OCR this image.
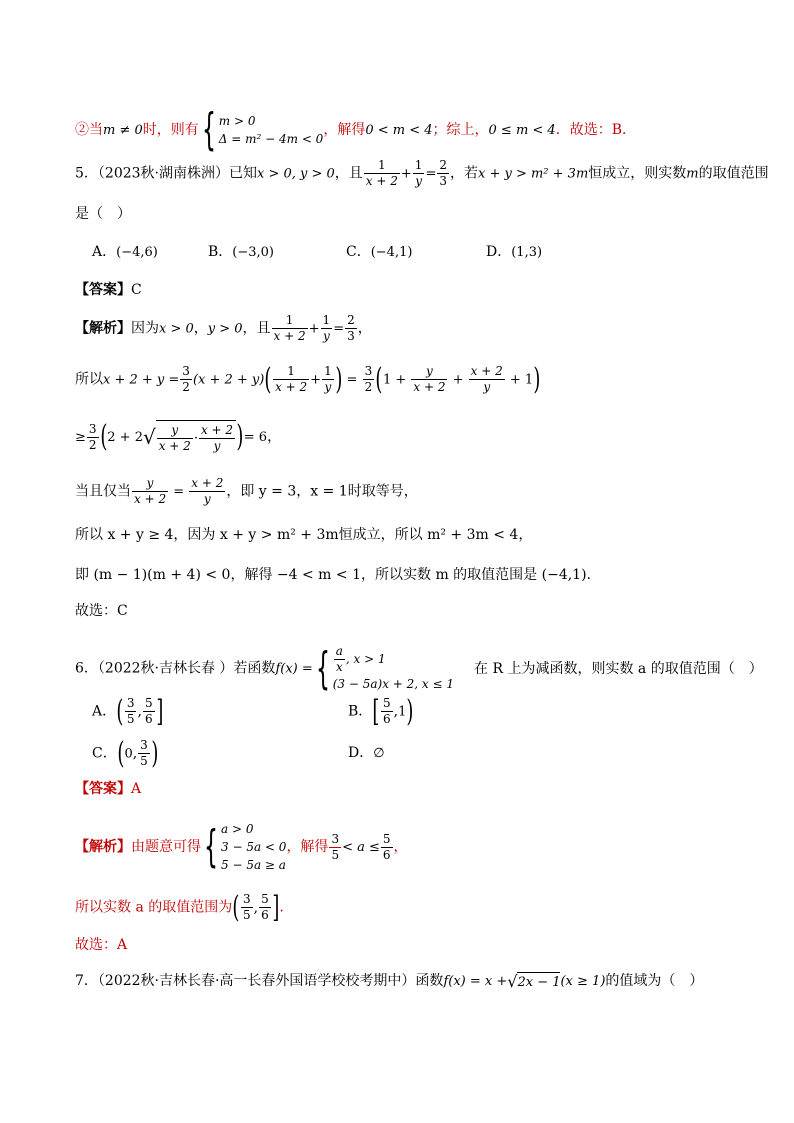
②当m ≠ 0时，则有{ m > 0
Δ = m² − 4m < 0
，解得0 < m < 4；综上，0 ≤ m < 4．故选：B．
5．（2023秋·湖南株洲）已知x > 0, y > 0，且 $\frac{1}{x + 2} + \frac{1}{y} = \frac{2}{3}$ ，若x + y > m² + 3m恒成立，则实数m的取值范围
是（　）
A．(−4,6)	B．(−3,0)	C．(−4,1)	D．(1,3)
【答案】C
【解析】因为x > 0，y > 0，且 $\frac{1}{x + 2} + \frac{1}{y} = \frac{2}{3}$ ，
所以$x + 2 + y = \frac{3}{2} (x + 2 + y)( \frac{1}{x + 2} + \frac{1}{y}$ ) = $\frac{3}{2} (1 + \frac{y}{x + 2} + \frac{x + 2}{y} + 1)$
≥ $\frac{3}{2} (2 + 2√ \frac{y}{x + 2} \cdot \frac{x + 2}{y}$ )= 6，
当且仅当 $\frac{y}{x + 2} = \frac{x + 2}{y}$ ，即 y = 3，x = 1时取等号，
所以 x + y ≥ 4，因为 x + y > m² + 3m恒成立，所以 m² + 3m < 4，
即 (m − 1)(m + 4) < 0，解得 −4 < m < 1，所以实数 m 的取值范围是 (−4,1).
故选：C
6．（2022秋·吉林长春 ）若函数f(x) ={ $\frac{a}{x}$ , x > 1
(3 − 5a)x + 2, x ≤ 1
在 R 上为减函数，则实数 a 的取值范围（　）
A．( $\frac{3}{5}$ , $\frac{5}{6}$ ]	B．[ $\frac{5}{6} ,1$)
C．(0, $\frac{3}{5}$ )	D．∅
【答案】A
【解析】由题意可得{ a > 0
3 − 5a < 0
5 − 5a ≥ a
，解得 $\frac{3}{5} < a \le \frac{5}{6}$ ，
所以实数 a 的取值范围为( $\frac{3}{5}$ , $\frac{5}{6}$ ].
故选：A
7．（2022秋·吉林长春·高一长春外国语学校校考期中）函数f(x) = x +√2x − 1(x ≥ 1)的值域为（　）
